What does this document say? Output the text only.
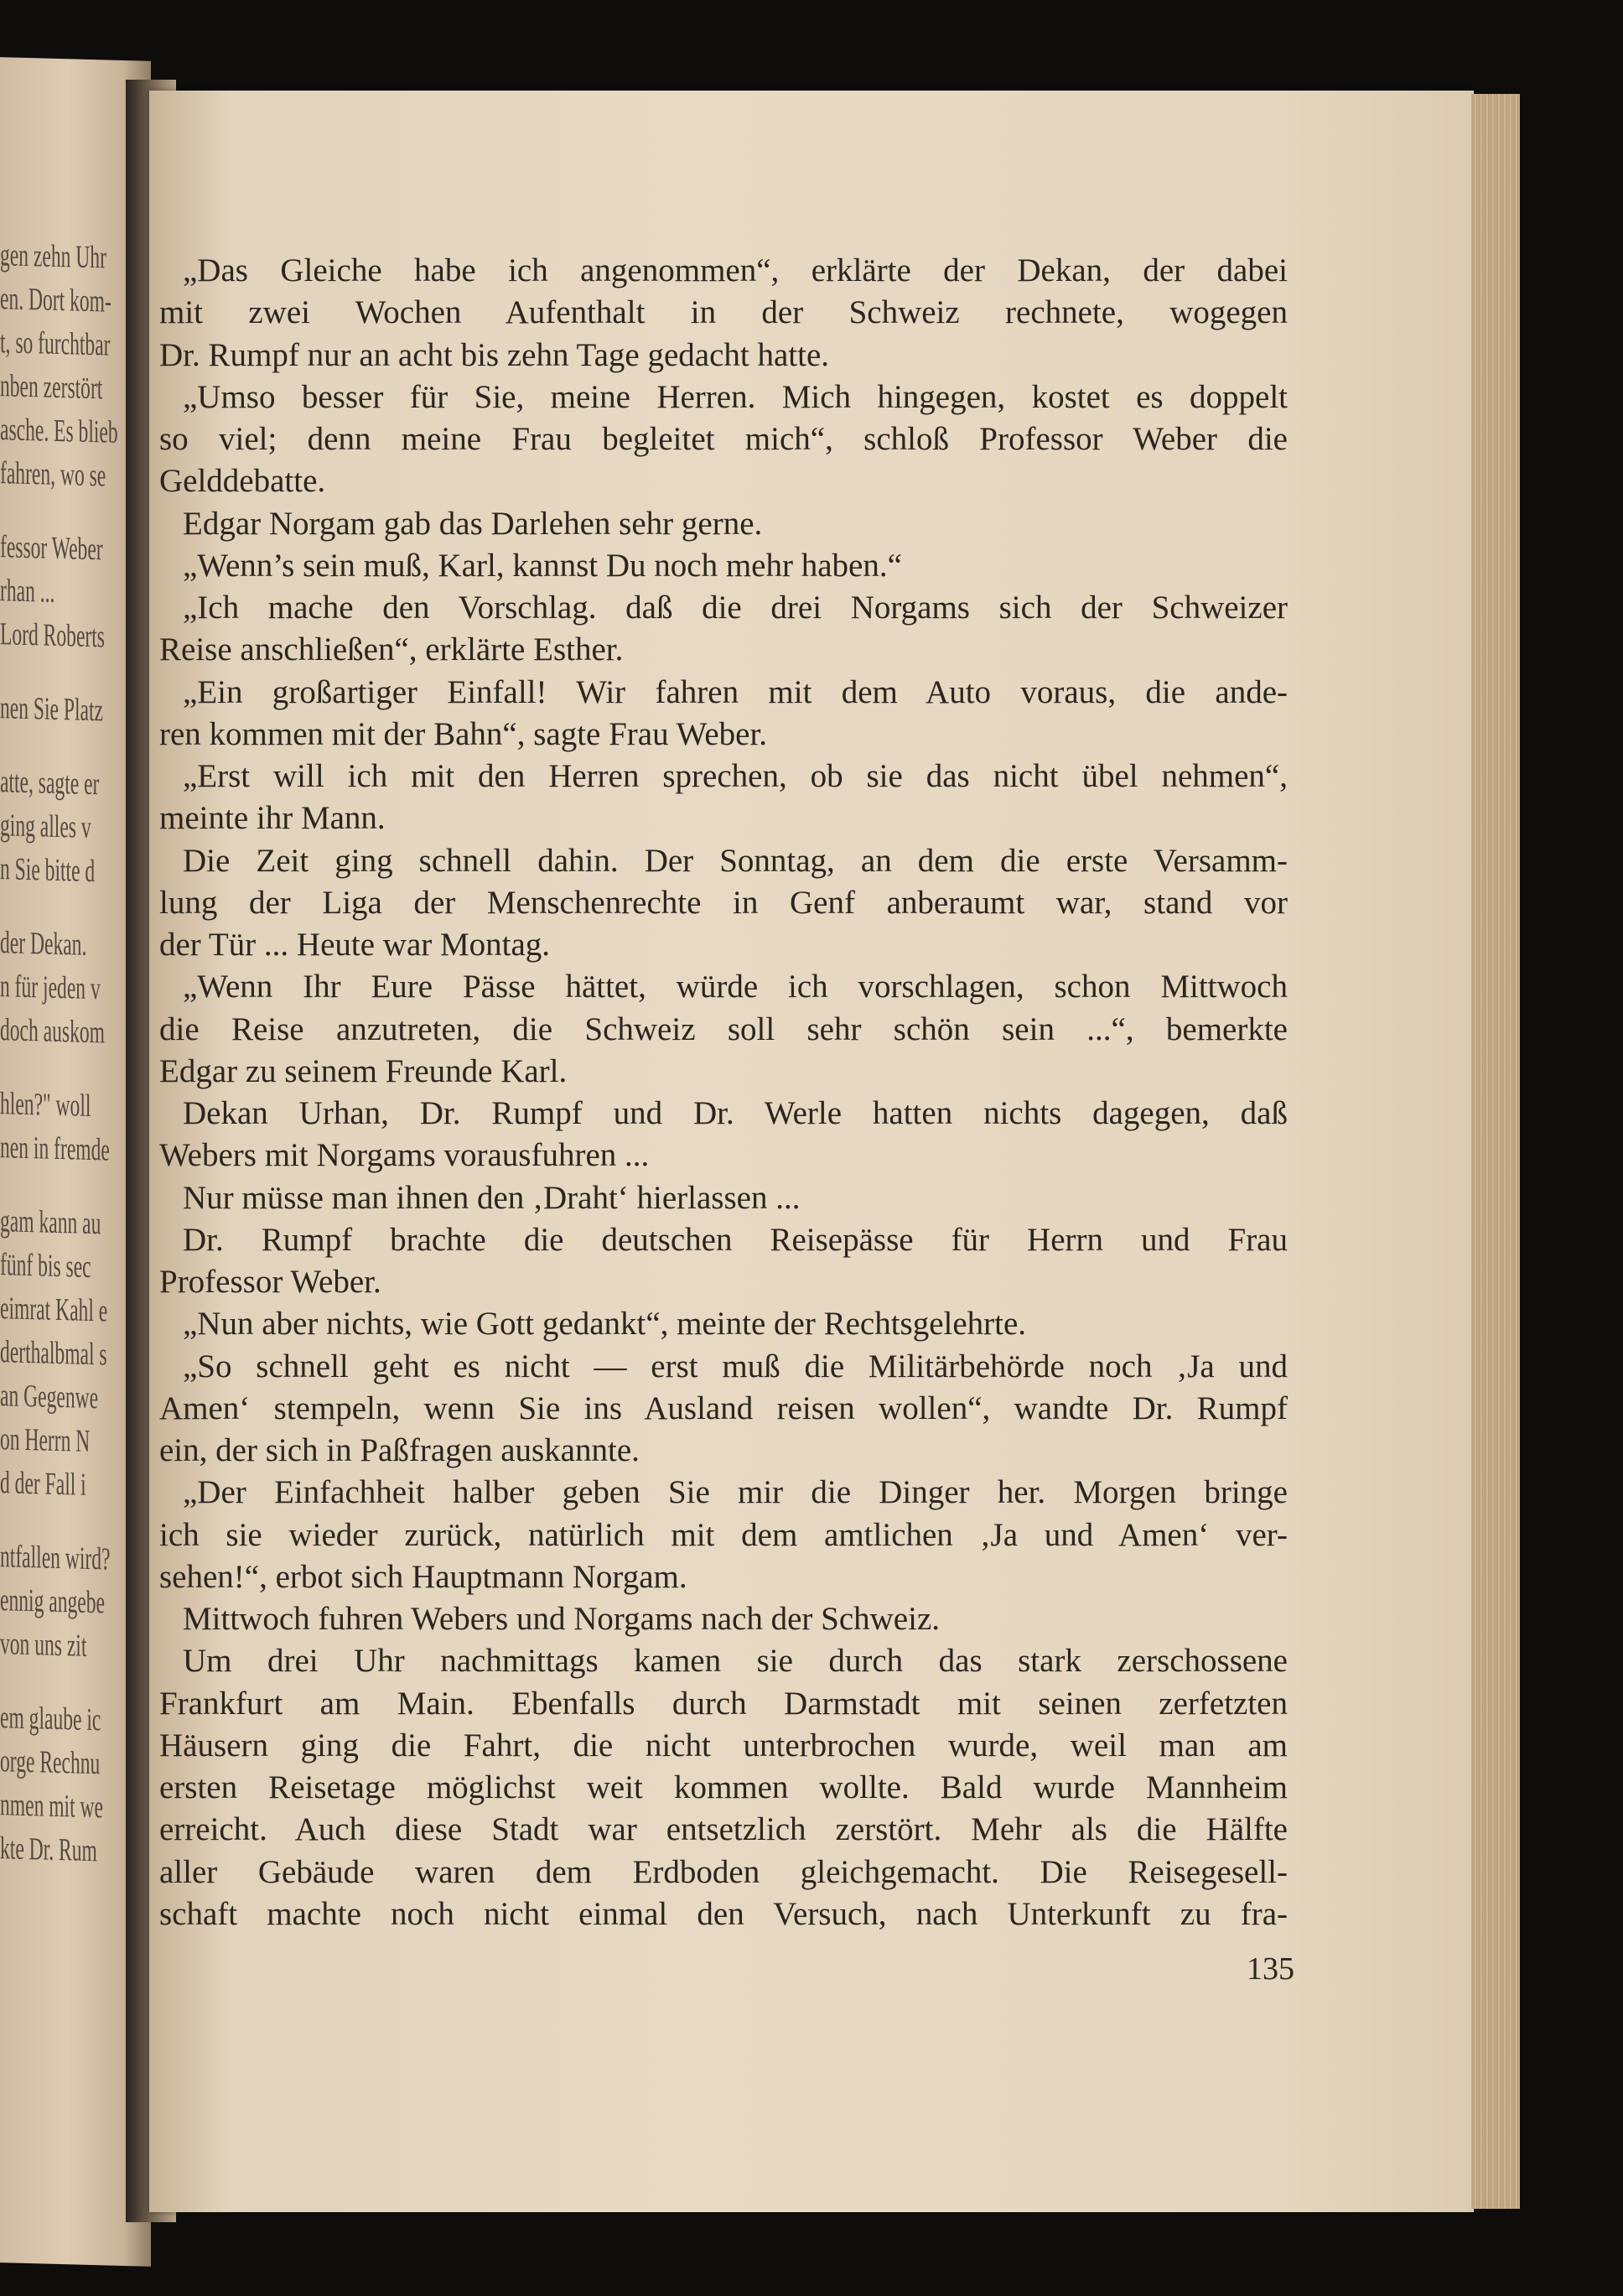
gen zehn Uhr
en. Dort kom-
t, so furchtbar
nben zerstört
asche. Es blieb
fahren, wo se
fessor Weber
rhan ...
Lord Roberts
nen Sie Platz
atte, sagte er
ging alles v
n Sie bitte d
der Dekan.
n für jeden v
doch auskom
hlen?" woll
nen in fremde
gam kann au
fünf bis sec
eimrat Kahl e
derthalbmal s
an Gegenwe
on Herrn N
d der Fall i
ntfallen wird?
ennig angebe
von uns zit
em glaube ic
orge Rechnu
nmen mit we
kte Dr. Rum
„Das Gleiche habe ich angenommen“, erklärte der Dekan, der dabei
mit zwei Wochen Aufenthalt in der Schweiz rechnete, wogegen
Dr. Rumpf nur an acht bis zehn Tage gedacht hatte.
„Umso besser für Sie, meine Herren. Mich hingegen, kostet es doppelt
so viel; denn meine Frau begleitet mich“, schloß Professor Weber die
Gelddebatte.
Edgar Norgam gab das Darlehen sehr gerne.
„Wenn’s sein muß, Karl, kannst Du noch mehr haben.“
„Ich mache den Vorschlag. daß die drei Norgams sich der Schweizer
Reise anschließen“, erklärte Esther.
„Ein großartiger Einfall! Wir fahren mit dem Auto voraus, die ande-
ren kommen mit der Bahn“, sagte Frau Weber.
„Erst will ich mit den Herren sprechen, ob sie das nicht übel nehmen“,
meinte ihr Mann.
Die Zeit ging schnell dahin. Der Sonntag, an dem die erste Versamm-
lung der Liga der Menschenrechte in Genf anberaumt war, stand vor
der Tür ... Heute war Montag.
„Wenn Ihr Eure Pässe hättet, würde ich vorschlagen, schon Mittwoch
die Reise anzutreten, die Schweiz soll sehr schön sein ...“, bemerkte
Edgar zu seinem Freunde Karl.
Dekan Urhan, Dr. Rumpf und Dr. Werle hatten nichts dagegen, daß
Webers mit Norgams vorausfuhren ...
Nur müsse man ihnen den ‚Draht‘ hierlassen ...
Dr. Rumpf brachte die deutschen Reisepässe für Herrn und Frau
Professor Weber.
„Nun aber nichts, wie Gott gedankt“, meinte der Rechtsgelehrte.
„So schnell geht es nicht — erst muß die Militärbehörde noch ‚Ja und
Amen‘ stempeln, wenn Sie ins Ausland reisen wollen“, wandte Dr. Rumpf
ein, der sich in Paßfragen auskannte.
„Der Einfachheit halber geben Sie mir die Dinger her. Morgen bringe
ich sie wieder zurück, natürlich mit dem amtlichen ‚Ja und Amen‘ ver-
sehen!“, erbot sich Hauptmann Norgam.
Mittwoch fuhren Webers und Norgams nach der Schweiz.
Um drei Uhr nachmittags kamen sie durch das stark zerschossene
Frankfurt am Main. Ebenfalls durch Darmstadt mit seinen zerfetzten
Häusern ging die Fahrt, die nicht unterbrochen wurde, weil man am
ersten Reisetage möglichst weit kommen wollte. Bald wurde Mannheim
erreicht. Auch diese Stadt war entsetzlich zerstört. Mehr als die Hälfte
aller Gebäude waren dem Erdboden gleichgemacht. Die Reisegesell-
schaft machte noch nicht einmal den Versuch, nach Unterkunft zu fra-
135
